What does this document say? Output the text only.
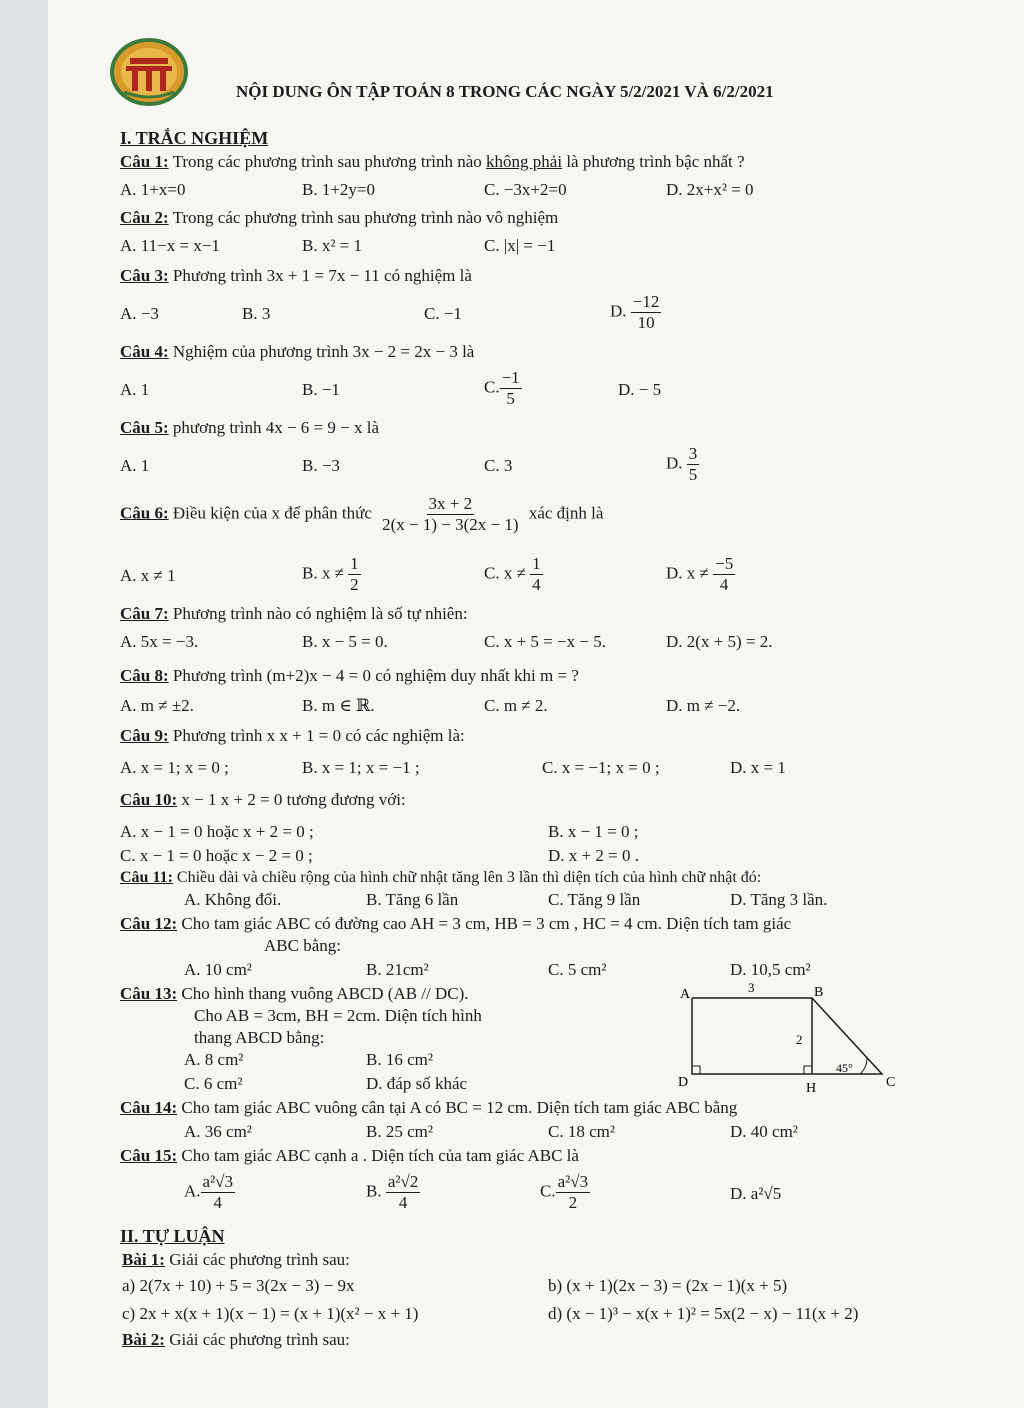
NỘI DUNG ÔN TẬP TOÁN 8 TRONG CÁC NGÀY 5/2/2021 VÀ 6/2/2021
I. TRẮC NGHIỆM
Câu 1: Trong các phương trình sau phương trình nào không phải là phương trình bậc nhất ?
A. 1+x=0	B. 1+2y=0	C. −3x+2=0	D. 2x+x² = 0
Câu 2: Trong các phương trình sau phương trình nào vô nghiệm
A. 11−x = x−1	B. x² = 1	C. |x| = −1
Câu 3: Phương trình 3x + 1 = 7x − 11 có nghiệm là
A. −3	B. 3	C. −1	D. $\frac{-12}{10}$
Câu 4: Nghiệm của phương trình 3x − 2 = 2x − 3 là
A. 1	B. −1	C. $\frac{-1}{5}$	D. − 5
Câu 5: phương trình 4x − 6 = 9 − x là
A. 1	B. −3	C. 3	D. $\frac{3}{5}$
Câu 6: Điều kiện của x để phân thức $\frac{3x + 2}{2(x - 1) - 3(2x - 1)}$ xác định là
A. x ≠ 1	B. $x \ne \frac{1}{2}$	C. $x \ne \frac{1}{4}$	D. $x \ne \frac{-5}{4}$
Câu 7: Phương trình nào có nghiệm là số tự nhiên:
A. 5x = −3.	B. x − 5 = 0.	C. x + 5 = −x − 5.	D. 2(x + 5) = 2.
Câu 8: Phương trình (m+2)x − 4 = 0 có nghiệm duy nhất khi m = ?
A. m ≠ ±2.	B. m ∈ ℝ.	C. m ≠ 2.	D. m ≠ −2.
Câu 9: Phương trình x x + 1 = 0 có các nghiệm là:
A. x = 1; x = 0 ;	B. x = 1; x = −1 ;	C. x = −1; x = 0 ;	D. x = 1
Câu 10: x − 1 x + 2 = 0 tương đương với:
A. x − 1 = 0 hoặc x + 2 = 0 ;	B. x − 1 = 0 ;
C. x − 1 = 0 hoặc x − 2 = 0 ;	D. x + 2 = 0 .
Câu 11: Chiều dài và chiều rộng của hình chữ nhật tăng lên 3 lần thì diện tích của hình chữ nhật đó:
A. Không đổi.	B. Tăng 6 lần	C. Tăng 9 lần	D. Tăng 3 lần.
Câu 12: Cho tam giác ABC có đường cao AH = 3 cm, HB = 3 cm , HC = 4 cm. Diện tích tam giác
ABC bằng:
A. 10 cm²	B. 21cm²	C. 5 cm²	D. 10,5 cm²
Câu 13: Cho hình thang vuông ABCD (AB // DC).
Cho AB = 3cm, BH = 2cm. Diện tích hình
thang ABCD bằng:
A. 8 cm²	B. 16 cm²
C. 6 cm²	D. đáp số khác
A	B
C
D	H
3
2
45°
Câu 14: Cho tam giác ABC vuông cân tại A có BC = 12 cm. Diện tích tam giác ABC bằng
A. 36 cm²	B. 25 cm²	C. 18 cm²	D. 40 cm²
Câu 15: Cho tam giác ABC cạnh a . Diện tích của tam giác ABC là
A. $\frac{\text{a²√3}}{4}$	B. $\frac{\text{a²√2}}{4}$	C. $\frac{\text{a²√3}}{2}$	D. a²√5
II. TỰ LUẬN
Bài 1: Giải các phương trình sau:
a) 2(7x + 10) + 5 = 3(2x − 3) − 9x	b) (x + 1)(2x − 3) = (2x − 1)(x + 5)
c) 2x + x(x + 1)(x − 1) = (x + 1)(x² − x + 1)	d) (x − 1)³ − x(x + 1)² = 5x(2 − x) − 11(x + 2)
Bài 2: Giải các phương trình sau:
